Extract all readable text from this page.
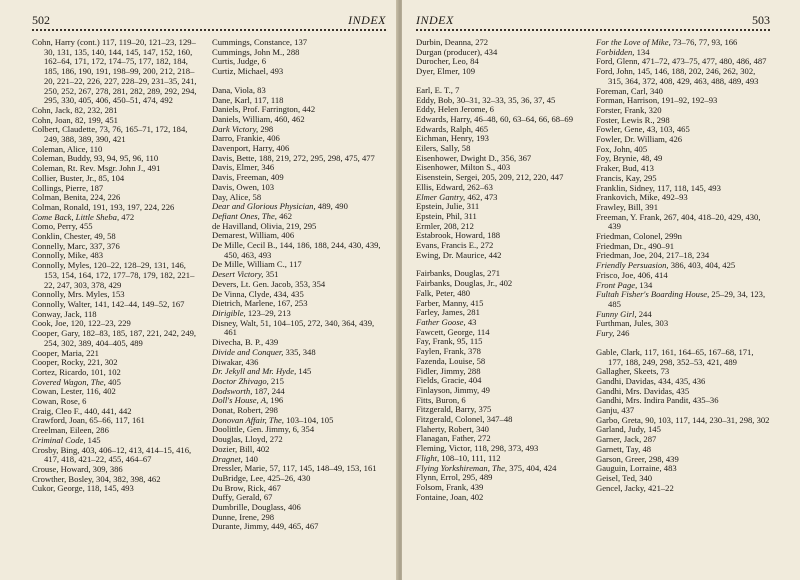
502	INDEX

Cohn, Harry (cont.) 117, 119–20, 121–23, 129–30, 131, 135, 140, 144, 145, 147, 152, 160, 162–64, 171, 172, 174–75, 177, 182, 184, 185, 186, 190, 191, 198–99, 200, 212, 218–20, 221–22, 226, 227, 228–29, 231–35, 241, 250, 252, 267, 278, 281, 282, 289, 292, 294, 295, 330, 405, 406, 450–51, 474, 492

Cohn, Jack, 82, 232, 281

Cohn, Joan, 82, 199, 451

Colbert, Claudette, 73, 76, 165–71, 172, 184, 249, 388, 389, 390, 421

Coleman, Alice, 110

Coleman, Buddy, 93, 94, 95, 96, 110

Coleman, Rt. Rev. Msgr. John J., 491

Collier, Buster, Jr., 85, 104

Collings, Pierre, 187

Colman, Benita, 224, 226

Colman, Ronald, 191, 193, 197, 224, 226

Come Back, Little Sheba, 472

Como, Perry, 455

Conklin, Chester, 49, 58

Connelly, Marc, 337, 376

Connolly, Mike, 483

Connolly, Myles, 120–22, 128–29, 131, 146, 153, 154, 164, 172, 177–78, 179, 182, 221–22, 247, 303, 378, 429

Connolly, Mrs. Myles, 153

Connolly, Walter, 141, 142–44, 149–52, 167

Conway, Jack, 118

Cook, Joe, 120, 122–23, 229

Cooper, Gary, 182–83, 185, 187, 221, 242, 249, 254, 302, 389, 404–405, 489

Cooper, Maria, 221

Cooper, Rocky, 221, 302

Cortez, Ricardo, 101, 102

Covered Wagon, The, 405

Cowan, Lester, 116, 402

Cowan, Rose, 6

Craig, Cleo F., 440, 441, 442

Crawford, Joan, 65–66, 117, 161

Creelman, Eileen, 286

Criminal Code, 145

Crosby, Bing, 403, 406–12, 413, 414–15, 416, 417, 418, 421–22, 455, 464–67

Crouse, Howard, 309, 386

Crowther, Bosley, 304, 382, 398, 462

Cukor, George, 118, 145, 493

Cummings, Constance, 137

Cummings, John M., 288

Curtis, Judge, 6

Curtiz, Michael, 493

Dana, Viola, 83

Dane, Karl, 117, 118

Daniels, Prof. Farrington, 442

Daniels, William, 460, 462

Dark Victory, 298

Darro, Frankie, 406

Davenport, Harry, 406

Davis, Bette, 188, 219, 272, 295, 298, 475, 477

Davis, Elmer, 346

Davis, Freeman, 409

Davis, Owen, 103

Day, Alice, 58

Dear and Glorious Physician, 489, 490

Defiant Ones, The, 462

de Havilland, Olivia, 219, 295

Demarest, William, 406

De Mille, Cecil B., 144, 186, 188, 244, 430, 439, 450, 463, 493

De Mille, William C., 117

Desert Victory, 351

Devers, Lt. Gen. Jacob, 353, 354

De Vinna, Clyde, 434, 435

Dietrich, Marlene, 167, 253

Dirigible, 123–29, 213

Disney, Walt, 51, 104–105, 272, 340, 364, 439, 461

Divecha, B. P., 439

Divide and Conquer, 335, 348

Diwakar, 436

Dr. Jekyll and Mr. Hyde, 145

Doctor Zhivago, 215

Dodsworth, 187, 244

Doll's House, A, 196

Donat, Robert, 298

Donovan Affair, The, 103–104, 105

Doolittle, Gen. Jimmy, 6, 354

Douglas, Lloyd, 272

Dozier, Bill, 402

Dragnet, 140

Dressler, Marie, 57, 117, 145, 148–49, 153, 161

DuBridge, Lee, 425–26, 430

Du Brow, Rick, 467

Duffy, Gerald, 67

Dumbrille, Douglass, 406

Dunne, Irene, 298

Durante, Jimmy, 449, 465, 467

INDEX	503

Durbin, Deanna, 272

Durgan (producer), 434

Durocher, Leo, 84

Dyer, Elmer, 109

Earl, E. T., 7

Eddy, Bob, 30–31, 32–33, 35, 36, 37, 45

Eddy, Helen Jerome, 6

Edwards, Harry, 46–48, 60, 63–64, 66, 68–69

Edwards, Ralph, 465

Eichman, Henry, 193

Eilers, Sally, 58

Eisenhower, Dwight D., 356, 367

Eisenhower, Milton S., 403

Eisenstein, Sergei, 205, 209, 212, 220, 447

Ellis, Edward, 262–63

Elmer Gantry, 462, 473

Epstein, Julie, 311

Epstein, Phil, 311

Ermler, 208, 212

Estabrook, Howard, 188

Evans, Francis E., 272

Ewing, Dr. Maurice, 442

Fairbanks, Douglas, 271

Fairbanks, Douglas, Jr., 402

Falk, Peter, 480

Farber, Manny, 415

Farley, James, 281

Father Goose, 43

Fawcett, George, 114

Fay, Frank, 95, 115

Faylen, Frank, 378

Fazenda, Louise, 58

Fidler, Jimmy, 288

Fields, Gracie, 404

Finlayson, Jimmy, 49

Fitts, Buron, 6

Fitzgerald, Barry, 375

Fitzgerald, Colonel, 347–48

Flaherty, Robert, 340

Flanagan, Father, 272

Fleming, Victor, 118, 298, 373, 493

Flight, 108–10, 111, 112

Flying Yorkshireman, The, 375, 404, 424

Flynn, Errol, 295, 489

Folsom, Frank, 439

Fontaine, Joan, 402

For the Love of Mike, 73–76, 77, 93, 166

Forbidden, 134

Ford, Glenn, 471–72, 473–75, 477, 480, 486, 487

Ford, John, 145, 146, 188, 202, 246, 262, 302, 315, 364, 372, 408, 429, 463, 488, 489, 493

Foreman, Carl, 340

Forman, Harrison, 191–92, 192–93

Forster, Frank, 320

Foster, Lewis R., 298

Fowler, Gene, 43, 103, 465

Fowler, Dr. William, 426

Fox, John, 405

Foy, Brynie, 48, 49

Fraker, Bud, 413

Francis, Kay, 295

Franklin, Sidney, 117, 118, 145, 493

Frankovich, Mike, 492–93

Frawley, Bill, 391

Freeman, Y. Frank, 267, 404, 418–20, 429, 430, 439

Friedman, Colonel, 299n

Friedman, Dr., 490–91

Friedman, Joe, 204, 217–18, 234

Friendly Persuasion, 386, 403, 404, 425

Frisco, Joe, 406, 414

Front Page, 134

Fultah Fisher's Boarding House, 25–29, 34, 123, 485

Funny Girl, 244

Furthman, Jules, 303

Fury, 246

Gable, Clark, 117, 161, 164–65, 167–68, 171, 177, 188, 249, 298, 352–53, 421, 489

Gallagher, Skeets, 73

Gandhi, Davidas, 434, 435, 436

Gandhi, Mrs. Davidas, 435

Gandhi, Mrs. Indira Pandit, 435–36

Ganju, 437

Garbo, Greta, 90, 103, 117, 144, 230–31, 298, 302

Garland, Judy, 145

Garner, Jack, 287

Garnett, Tay, 48

Garson, Greer, 298, 439

Gauguin, Lorraine, 483

Geisel, Ted, 340

Gencel, Jacky, 421–22
